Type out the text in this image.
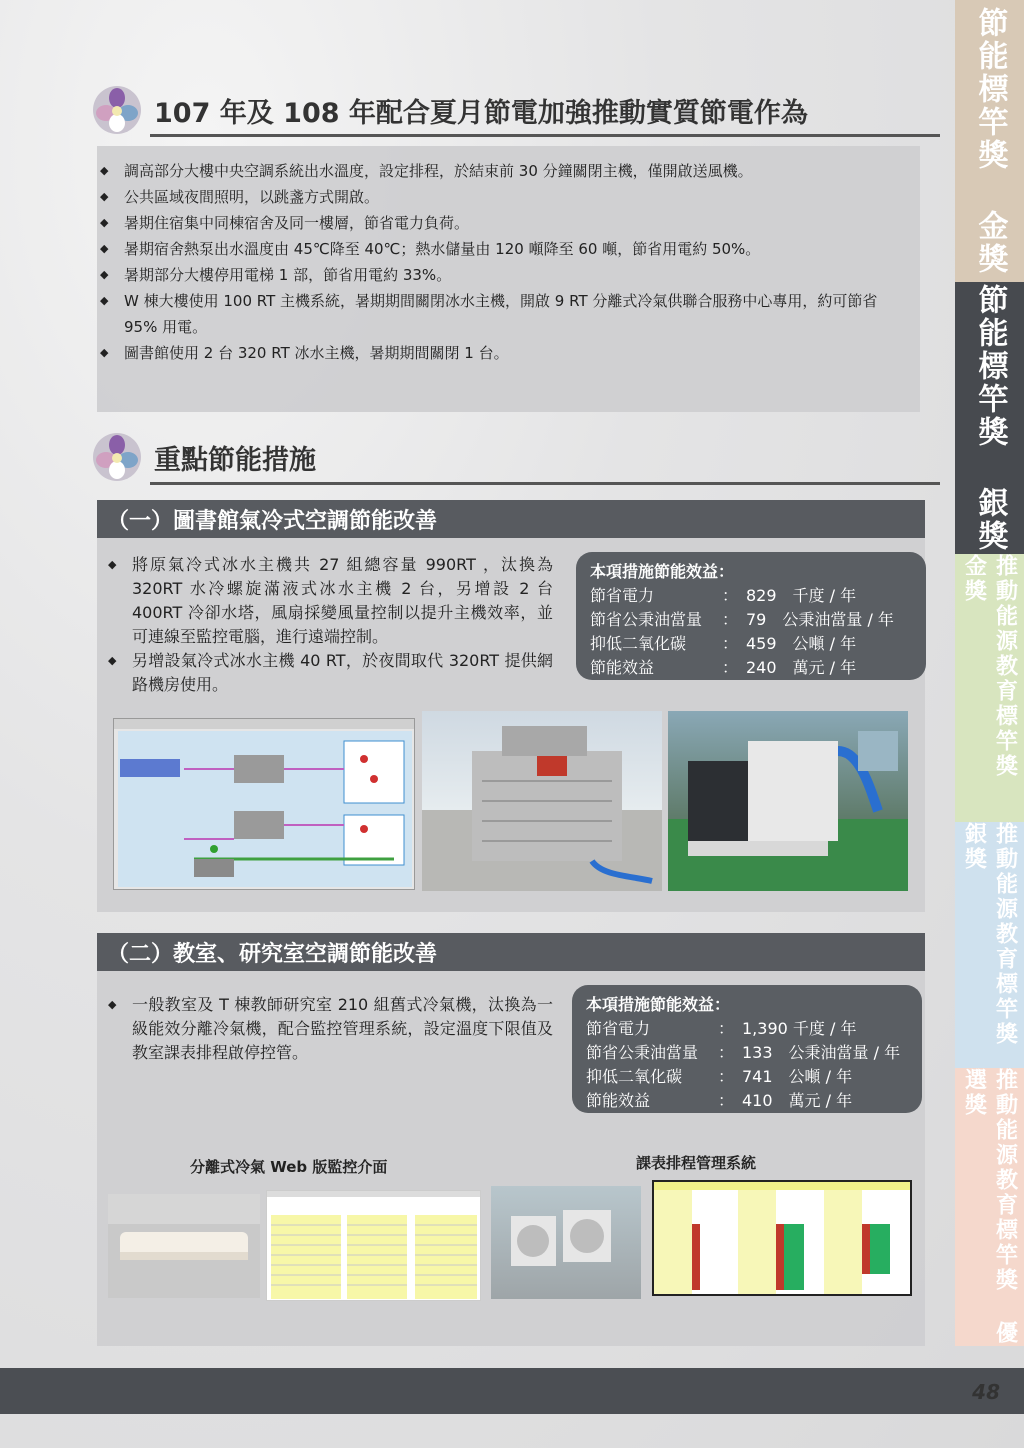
節能標竿獎 金獎
節能標竿獎 銀獎
推動能源教育標竿獎 金獎
推動能源教育標竿獎 銀獎
推動能源教育標竿獎 優選獎
107 年及 108 年配合夏月節電加強推動實質節電作為
◆ 調高部分大樓中央空調系統出水溫度，設定排程，於結束前 30 分鐘關閉主機，僅開啟送風機。
◆ 公共區域夜間照明，以跳盞方式開啟。
◆ 暑期住宿集中同棟宿舍及同一樓層，節省電力負荷。
◆ 暑期宿舍熱泵出水溫度由 45℃降至 40℃；熱水儲量由 120 噸降至 60 噸，節省用電約 50%。
◆ 暑期部分大樓停用電梯 1 部，節省用電約 33%。
◆ W 棟大樓使用 100 RT 主機系統，暑期期間關閉冰水主機，開啟 9 RT 分離式冷氣供聯合服務中心專用，約可節省 95% 用電。
◆ 圖書館使用 2 台 320 RT 冰水主機，暑期期間關閉 1 台。
重點節能措施
（一）圖書館氣冷式空調節能改善
◆ 將原氣冷式冰水主機共 27 組總容量 990RT ，汰換為 320RT 水冷螺旋滿液式冰水主機 2 台，另增設 2 台 400RT 冷卻水塔，風扇採變風量控制以提升主機效率，並可連線至監控電腦，進行遠端控制。
◆ 另增設氣冷式冰水主機 40 RT，於夜間取代 320RT 提供網路機房使用。
本項措施節能效益：
節省電力	： 829　千度 / 年
節省公秉油當量	： 79　公秉油當量 / 年
抑低二氧化碳	： 459　公噸 / 年
節能效益	： 240　萬元 / 年
（二）教室、研究室空調節能改善
◆ 一般教室及 T 棟教師研究室 210 組舊式冷氣機，汰換為一級能效分離冷氣機，配合監控管理系統，設定溫度下限值及教室課表排程啟停控管。
本項措施節能效益：
節省電力	： 1,390 千度 / 年
節省公秉油當量	： 133　公秉油當量 / 年
抑低二氧化碳	： 741　公噸 / 年
節能效益	： 410　萬元 / 年
分離式冷氣 Web 版監控介面	課表排程管理系統
48
